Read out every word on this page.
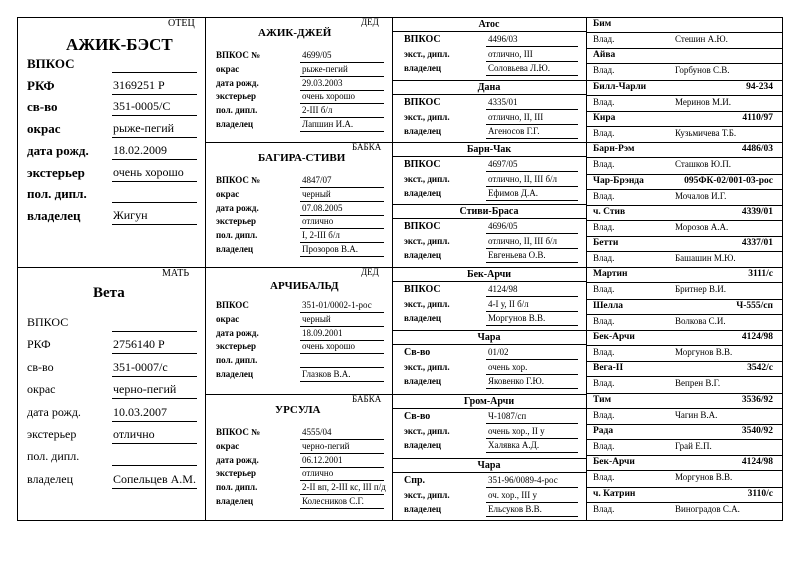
ОТЕЦ
АЖИК-БЭСТ
ВПКОС
РКФ	3169251 Р
св-во	351-0005/С
окрас	рыже-пегий
дата рожд. 18.02.2009
экстерьер очень хорошо
пол. дипл.
владелец	Жигун
МАТЬ
Вета
ВПКОС
РКФ	2756140 Р
св-во	351-0007/с
окрас	черно-пегий
дата рожд.	10.03.2007
экстерьер	отлично
пол. дипл.
владелец	Сопельцев А.М.
ДЕД
АЖИК-ДЖЕЙ
ВПКОС №	4699/05
окрас	рыже-пегий
дата рожд.	29.03.2003
экстерьер	очень хорошо
пол. дипл.	2-III б/л
владелец	Лапшин И.А.
БАБКА
БАГИРА-СТИВИ
ВПКОС №	4847/07
окрас	черный
дата рожд.	07.08.2005
экстерьер	отлично
пол. дипл.	I, 2-III б/л
владелец	Прозоров В.А.
ДЕД
АРЧИБАЛЬД
ВПКОС	351-01/0002-1-рос
окрас	черный
дата рожд.	18.09.2001
экстерьер	очень хорошо
пол. дипл.
владелец	Глазков В.А.
БАБКА
УРСУЛА
ВПКОС №	4555/04
окрас	черно-пегий
дата рожд.	06.12.2001
экстерьер	отлично
пол. дипл.	2-II вп, 2-III кс, III п/д
владелец	Колесников С.Г.
Атос
ВПКОС	4496/03
экст., дипл.	отлично, III
владелец	Соловьева Л.Ю.
Дана
ВПКОС	4335/01
экст., дипл.	отлично, II, III
владелец	Агеносов Г.Г.
Барн-Чак
ВПКОС	4697/05
экст., дипл.	отлично, II, III б/л
владелец	Ефимов Д.А.
Стиви-Браса
ВПКОС	4696/05
экст., дипл.	отлично, II, III б/л
владелец	Евгеньева О.В.
Бек-Арчи
ВПКОС	4124/98
экст., дипл.	4-I у, II б/л
владелец	Моргунов В.В.
Чара
Св-во	01/02
экст., дипл.	очень хор.
владелец	Яковенко Г.Ю.
Гром-Арчи
Св-во	Ч-1087/сп
экст., дипл.	очень хор., II у
владелец	Халявка А.Д.
Чара
Спр.	351-96/0089-4-рос
экст., дипл.	оч. хор., III у
владелец	Ельсуков В.В.
Бим
Влад.	Стешин А.Ю.
Айва
Влад.	Горбунов С.В.
Билл-Чарли	94-234
Влад.	Меринов М.И.
Кира	4110/97
Влад.	Кузьмичева Т.Б.
Барн-Рэм	4486/03
Влад.	Сташков Ю.П.
Чар-Брэнда	095ФК-02/001-03-рос
Влад.	Мочалов И.Г.
ч. Стив	4339/01
Влад.	Морозов А.А.
Бетти	4337/01
Влад.	Башашин М.Ю.
Мартин	3111/с
Влад.	Бритнер В.И.
Шелла	Ч-555/сп
Влад.	Волкова С.И.
Бек-Арчи	4124/98
Влад.	Моргунов В.В.
Вега-II	3542/с
Влад.	Вепрен В.Г.
Тим	3536/92
Влад.	Чагин В.А.
Рада	3540/92
Влад.	Грай Е.П.
Бек-Арчи	4124/98
Влад.	Моргунов В.В.
ч. Катрин	3110/с
Влад.	Виноградов С.А.
